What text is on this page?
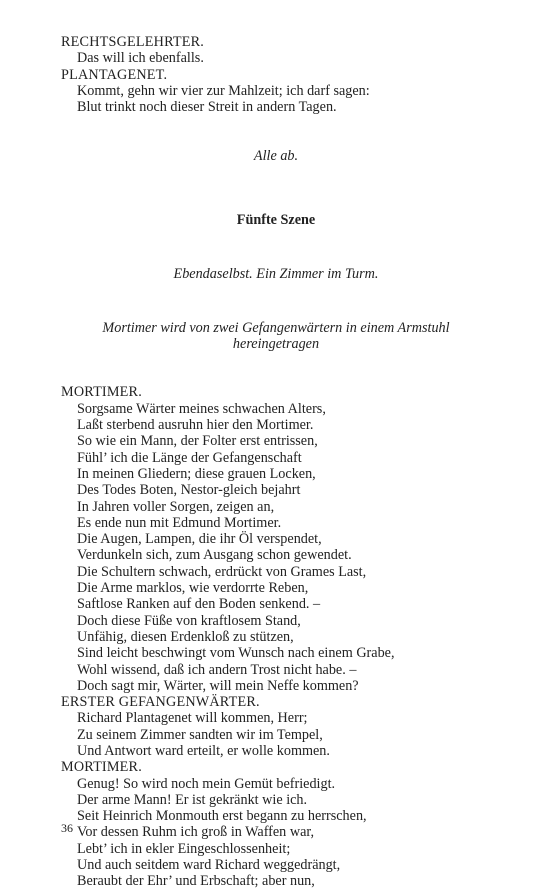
RECHTSGELEHRTER.

Das will ich ebenfalls.

PLANTAGENET.

Kommt, gehn wir vier zur Mahlzeit; ich darf sagen:

Blut trinkt noch dieser Streit in andern Tagen.

Alle ab.

Fünfte Szene

Ebendaselbst. Ein Zimmer im Turm.

Mortimer wird von zwei Gefangenwärtern in einem Armstuhl
hereingetragen

MORTIMER.

Sorgsame Wärter meines schwachen Alters,

Laßt sterbend ausruhn hier den Mortimer.

So wie ein Mann, der Folter erst entrissen,

Fühl’ ich die Länge der Gefangenschaft

In meinen Gliedern; diese grauen Locken,

Des Todes Boten, Nestor-gleich bejahrt

In Jahren voller Sorgen, zeigen an,

Es ende nun mit Edmund Mortimer.

Die Augen, Lampen, die ihr Öl verspendet,

Verdunkeln sich, zum Ausgang schon gewendet.

Die Schultern schwach, erdrückt von Grames Last,

Die Arme marklos, wie verdorrte Reben,

Saftlose Ranken auf den Boden senkend. –

Doch diese Füße von kraftlosem Stand,

Unfähig, diesen Erdenkloß zu stützen,

Sind leicht beschwingt vom Wunsch nach einem Grabe,

Wohl wissend, daß ich andern Trost nicht habe. –

Doch sagt mir, Wärter, will mein Neffe kommen?

ERSTER GEFANGENWÄRTER.

Richard Plantagenet will kommen, Herr;

Zu seinem Zimmer sandten wir im Tempel,

Und Antwort ward erteilt, er wolle kommen.

MORTIMER.

Genug! So wird noch mein Gemüt befriedigt.

Der arme Mann! Er ist gekränkt wie ich.

Seit Heinrich Monmouth erst begann zu herrschen,

Vor dessen Ruhm ich groß in Waffen war,

Lebt’ ich in ekler Eingeschlossenheit;

Und auch seitdem ward Richard weggedrängt,

Beraubt der Ehr’ und Erbschaft; aber nun,

36
